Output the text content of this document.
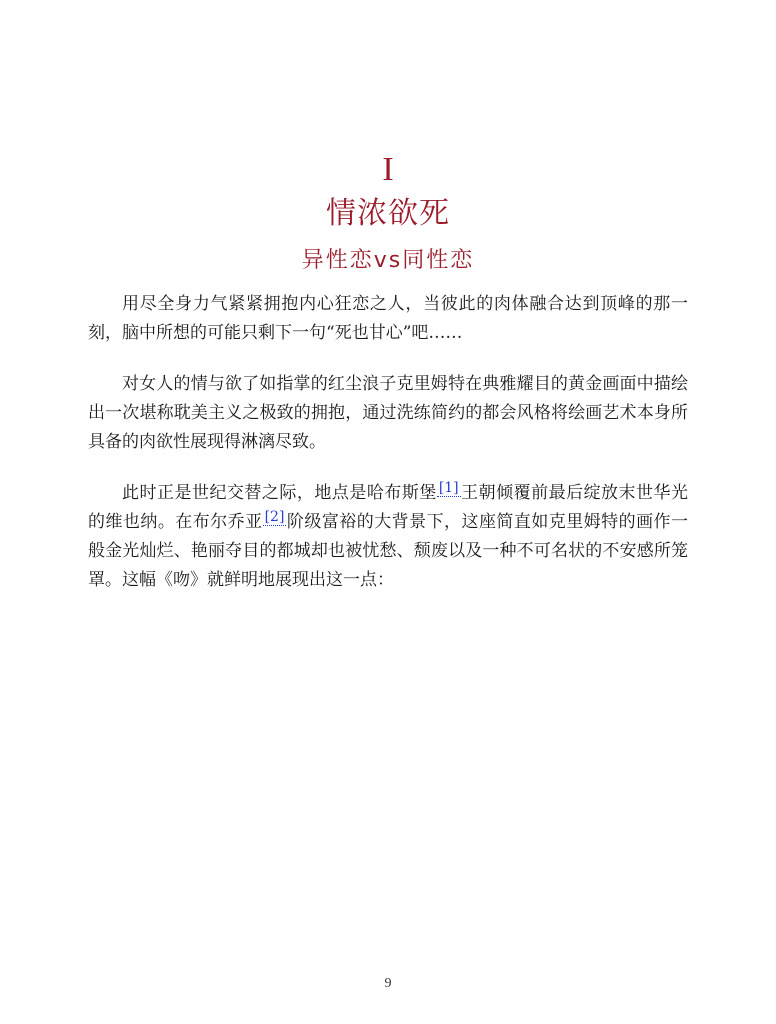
I
情浓欲死
异性恋vs同性恋

用尽全身力气紧紧拥抱内心狂恋之人，当彼此的肉体融合达到顶峰的那一刻，脑中所想的可能只剩下一句“死也甘心”吧……

对女人的情与欲了如指掌的红尘浪子克里姆特在典雅耀目的黄金画面中描绘出一次堪称耽美主义之极致的拥抱，通过洗练简约的都会风格将绘画艺术本身所具备的肉欲性展现得淋漓尽致。

此时正是世纪交替之际，地点是哈布斯堡 [1] 王朝倾覆前最后绽放末世华光的维也纳。在布尔乔亚 [2] 阶级富裕的大背景下，这座简直如克里姆特的画作一般金光灿烂、艳丽夺目的都城却也被忧愁、颓废以及一种不可名状的不安感所笼罩。这幅《吻》就鲜明地展现出这一点：

9
